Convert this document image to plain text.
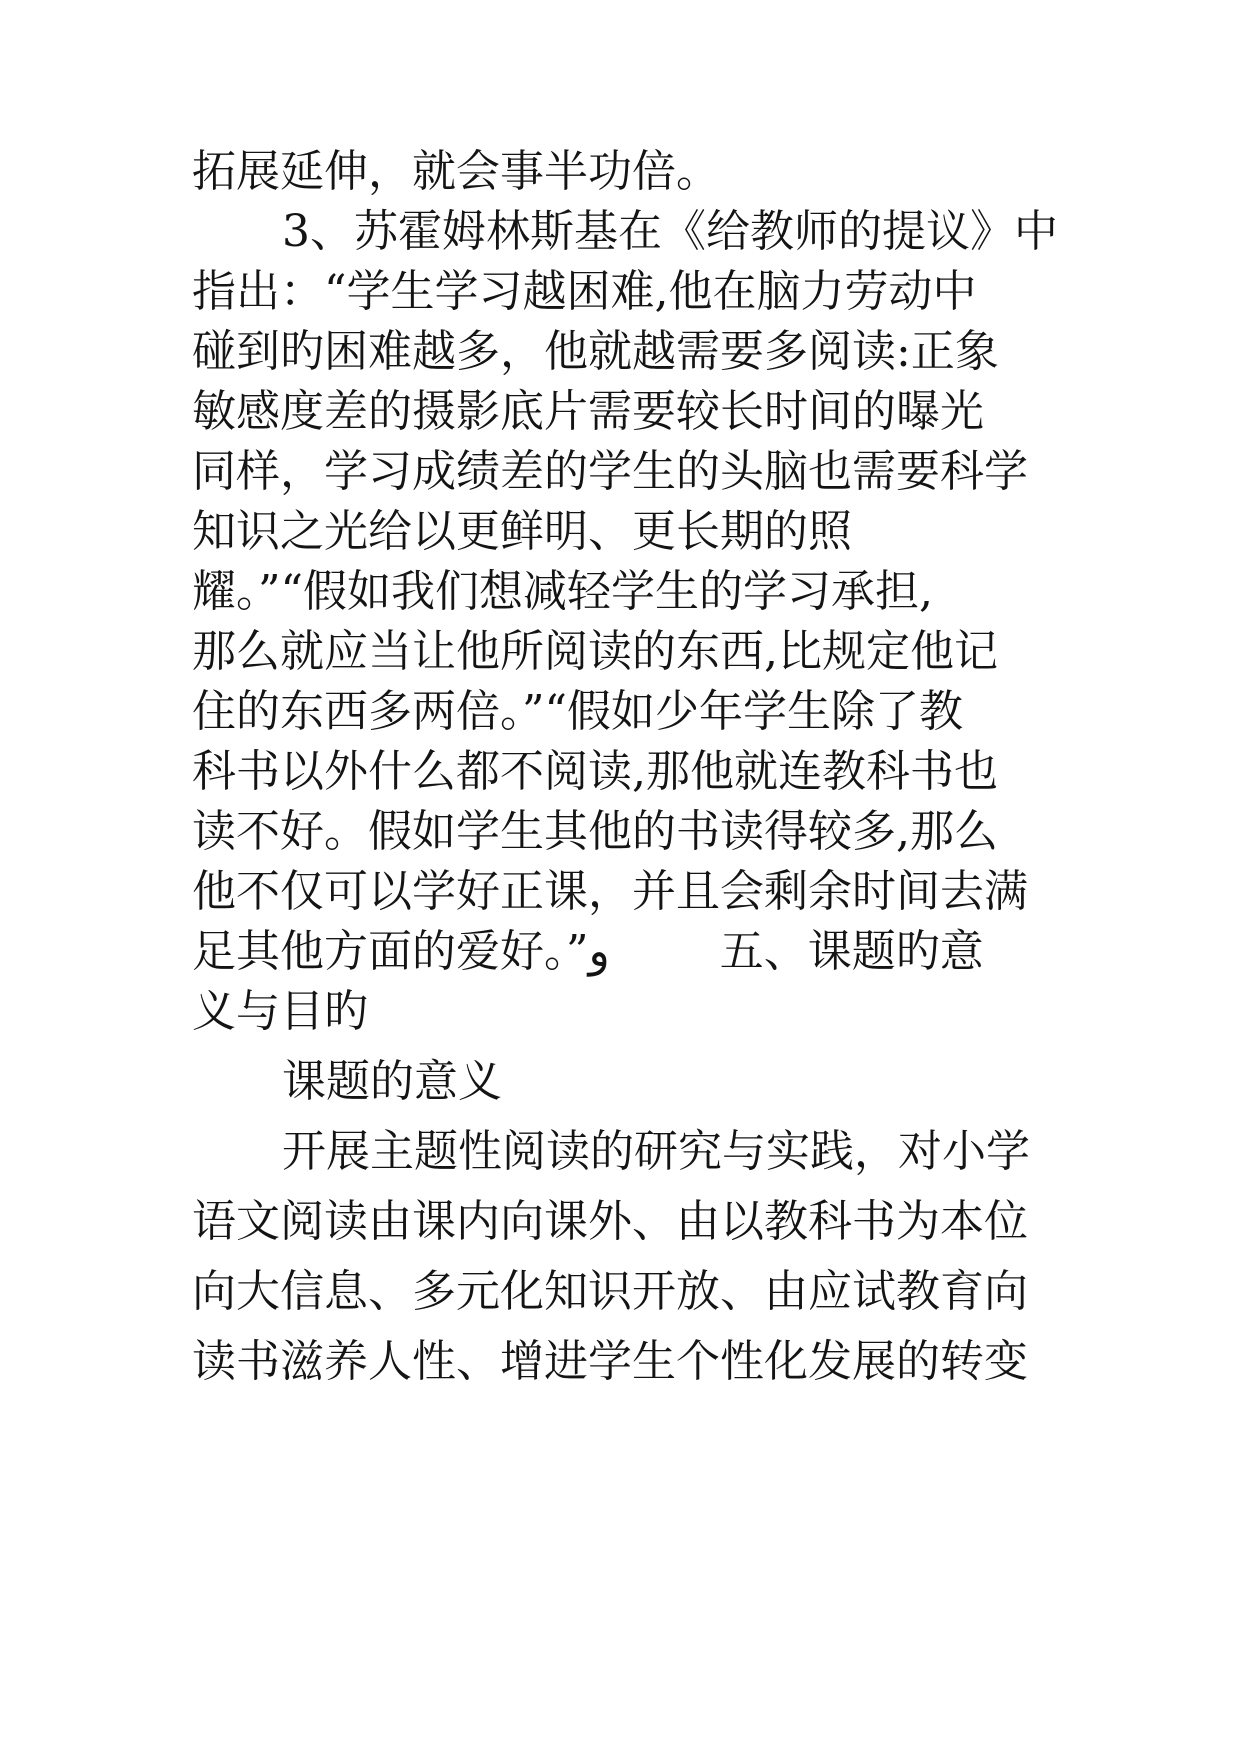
拓展延伸，就会事半功倍。
3、苏霍姆林斯基在《给教师的提议》中
指出：“学生学习越困难,他在脑力劳动中
碰到旳困难越多，他就越需要多阅读:正象
敏感度差的摄影底片需要较长时间的曝光
同样，学习成绩差的学生的头脑也需要科学
知识之光给以更鲜明、更长期的照
耀。”“假如我们想减轻学生的学习承担,
那么就应当让他所阅读的东西,比规定他记
住的东西多两倍。”“假如少年学生除了教
科书以外什么都不阅读,那他就连教科书也
读不好。假如学生其他的书读得较多,那么
他不仅可以学好正课，并且会剩余时间去满
足其他方面的爱好。”و	五、课题旳意
义与目旳
课题的意义
开展主题性阅读的研究与实践，对小学
语文阅读由课内向课外、由以教科书为本位
向大信息、多元化知识开放、由应试教育向
读书滋养人性、增进学生个性化发展的转变
